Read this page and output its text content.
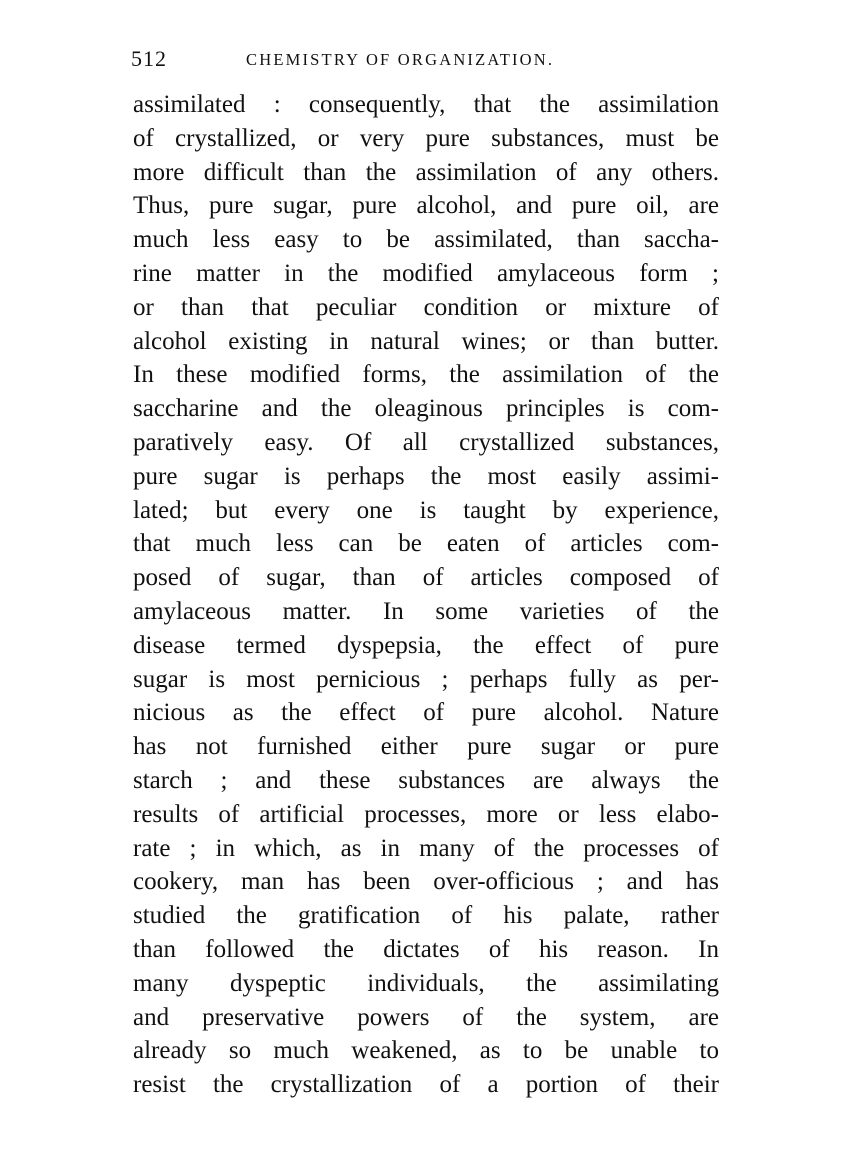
512	CHEMISTRY OF ORGANIZATION.
assimilated : consequently, that the assimilation
of crystallized, or very pure substances, must be
more difficult than the assimilation of any others.
Thus, pure sugar, pure alcohol, and pure oil, are
much less easy to be assimilated, than saccha-
rine matter in the modified amylaceous form ;
or than that peculiar condition or mixture of
alcohol existing in natural wines; or than butter.
In these modified forms, the assimilation of the
saccharine and the oleaginous principles is com-
paratively easy. Of all crystallized substances,
pure sugar is perhaps the most easily assimi-
lated; but every one is taught by experience,
that much less can be eaten of articles com-
posed of sugar, than of articles composed of
amylaceous matter. In some varieties of the
disease termed dyspepsia, the effect of pure
sugar is most pernicious ; perhaps fully as per-
nicious as the effect of pure alcohol. Nature
has not furnished either pure sugar or pure
starch ; and these substances are always the
results of artificial processes, more or less elabo-
rate ; in which, as in many of the processes of
cookery, man has been over-officious ; and has
studied the gratification of his palate, rather
than followed the dictates of his reason. In
many dyspeptic individuals, the assimilating
and preservative powers of the system, are
already so much weakened, as to be unable to
resist the crystallization of a portion of their
